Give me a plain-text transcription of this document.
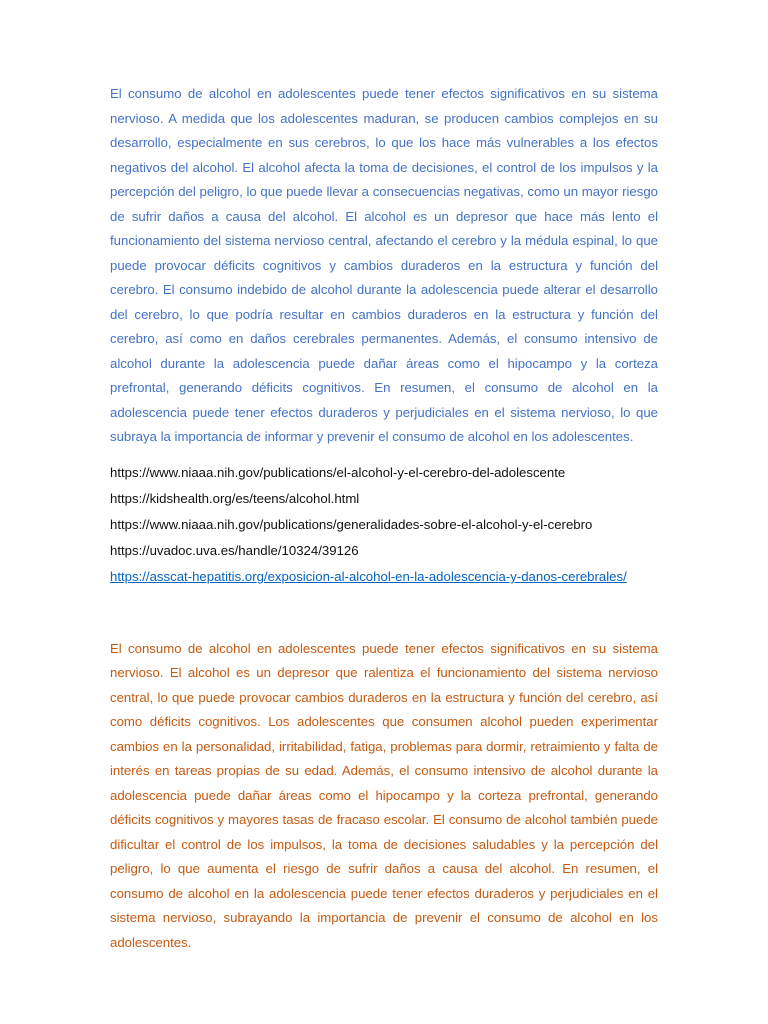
El consumo de alcohol en adolescentes puede tener efectos significativos en su sistema nervioso. A medida que los adolescentes maduran, se producen cambios complejos en su desarrollo, especialmente en sus cerebros, lo que los hace más vulnerables a los efectos negativos del alcohol. El alcohol afecta la toma de decisiones, el control de los impulsos y la percepción del peligro, lo que puede llevar a consecuencias negativas, como un mayor riesgo de sufrir daños a causa del alcohol. El alcohol es un depresor que hace más lento el funcionamiento del sistema nervioso central, afectando el cerebro y la médula espinal, lo que puede provocar déficits cognitivos y cambios duraderos en la estructura y función del cerebro. El consumo indebido de alcohol durante la adolescencia puede alterar el desarrollo del cerebro, lo que podría resultar en cambios duraderos en la estructura y función del cerebro, así como en daños cerebrales permanentes. Además, el consumo intensivo de alcohol durante la adolescencia puede dañar áreas como el hipocampo y la corteza prefrontal, generando déficits cognitivos. En resumen, el consumo de alcohol en la adolescencia puede tener efectos duraderos y perjudiciales en el sistema nervioso, lo que subraya la importancia de informar y prevenir el consumo de alcohol en los adolescentes.

https://www.niaaa.nih.gov/publications/el-alcohol-y-el-cerebro-del-adolescente
https://kidshealth.org/es/teens/alcohol.html
https://www.niaaa.nih.gov/publications/generalidades-sobre-el-alcohol-y-el-cerebro
https://uvadoc.uva.es/handle/10324/39126
https://asscat-hepatitis.org/exposicion-al-alcohol-en-la-adolescencia-y-danos-cerebrales/

El consumo de alcohol en adolescentes puede tener efectos significativos en su sistema nervioso. El alcohol es un depresor que ralentiza el funcionamiento del sistema nervioso central, lo que puede provocar cambios duraderos en la estructura y función del cerebro, así como déficits cognitivos. Los adolescentes que consumen alcohol pueden experimentar cambios en la personalidad, irritabilidad, fatiga, problemas para dormir, retraimiento y falta de interés en tareas propias de su edad. Además, el consumo intensivo de alcohol durante la adolescencia puede dañar áreas como el hipocampo y la corteza prefrontal, generando déficits cognitivos y mayores tasas de fracaso escolar. El consumo de alcohol también puede dificultar el control de los impulsos, la toma de decisiones saludables y la percepción del peligro, lo que aumenta el riesgo de sufrir daños a causa del alcohol. En resumen, el consumo de alcohol en la adolescencia puede tener efectos duraderos y perjudiciales en el sistema nervioso, subrayando la importancia de prevenir el consumo de alcohol en los adolescentes.
